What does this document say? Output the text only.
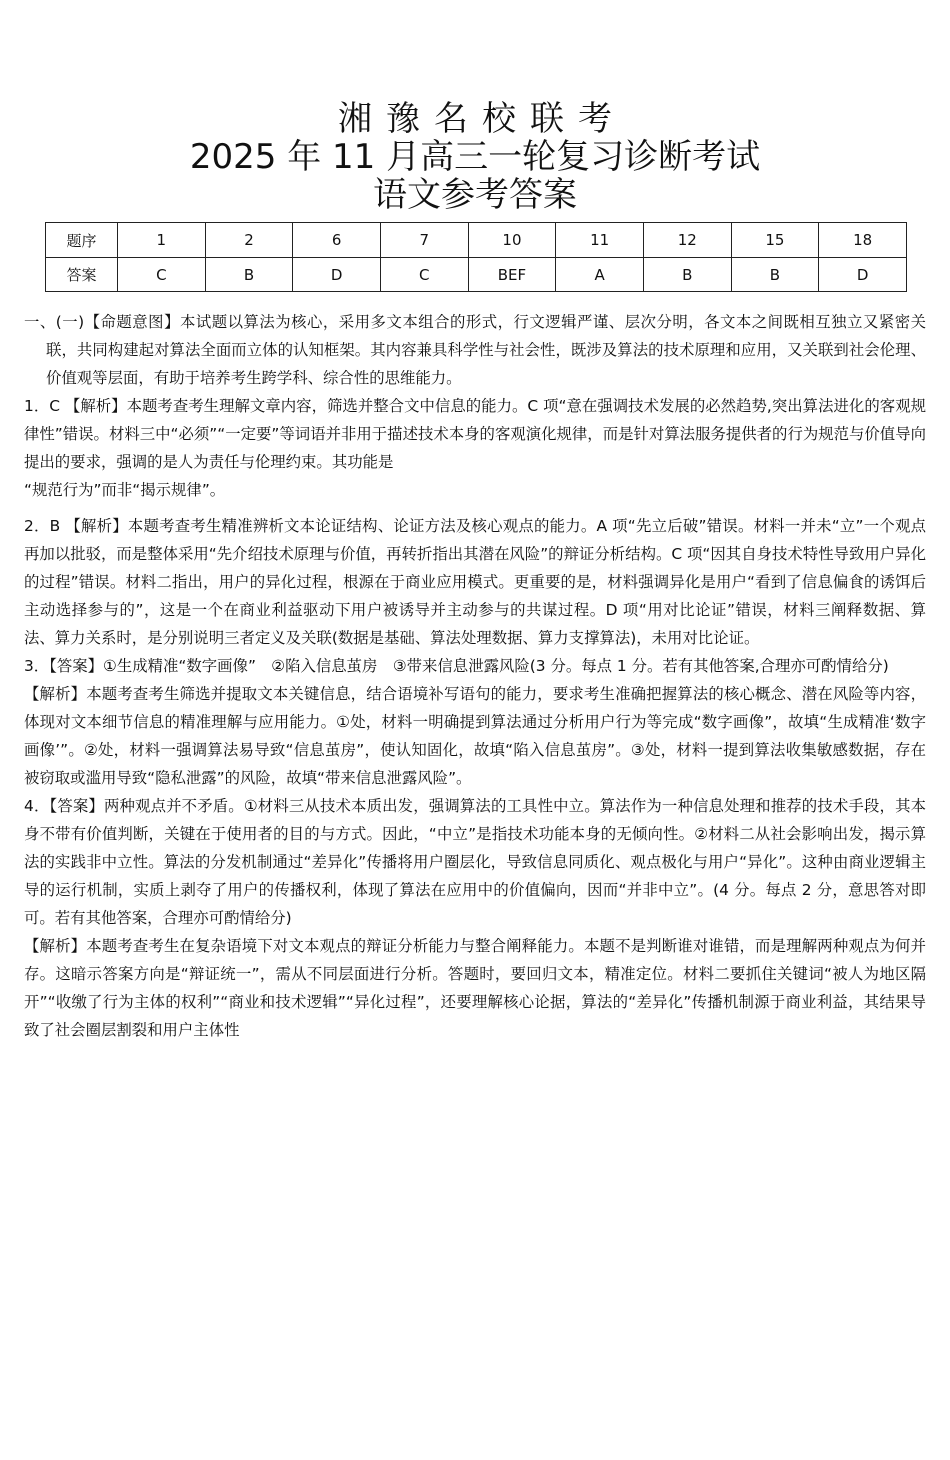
湘豫名校联考
2025 年 11 月高三一轮复习诊断考试
语文参考答案
题序	1	2	6	7	10	11	12	15	18
答案	C	B	D	C	BEF	A	B	B	D

一、(一)【命题意图】本试题以算法为核心，采用多文本组合的形式，行文逻辑严谨、层次分明，各文本之间既相互独立又紧密关联，共同构建起对算法全面而立体的认知框架。其内容兼具科学性与社会性，既涉及算法的技术原理和应用，又关联到社会伦理、价值观等层面，有助于培养考生跨学科、综合性的思维能力。

1．C 【解析】本题考查考生理解文章内容，筛选并整合文中信息的能力。C 项“意在强调技术发展的必然趋势,突出算法进化的客观规律性”错误。材料三中“必须”“一定要”等词语并非用于描述技术本身的客观演化规律，而是针对算法服务提供者的行为规范与价值导向提出的要求，强调的是人为责任与伦理约束。其功能是

“规范行为”而非“揭示规律”。

2．B 【解析】本题考查考生精准辨析文本论证结构、论证方法及核心观点的能力。A 项“先立后破”错误。材料一并未“立”一个观点再加以批驳，而是整体采用“先介绍技术原理与价值，再转折指出其潜在风险”的辩证分析结构。C 项“因其自身技术特性导致用户异化的过程”错误。材料二指出，用户的异化过程，根源在于商业应用模式。更重要的是，材料强调异化是用户“看到了信息偏食的诱饵后主动选择参与的”，这是一个在商业利益驱动下用户被诱导并主动参与的共谋过程。D 项“用对比论证”错误，材料三阐释数据、算法、算力关系时，是分别说明三者定义及关联(数据是基础、算法处理数据、算力支撑算法)，未用对比论证。

3．【答案】①生成精准“数字画像”　②陷入信息茧房　③带来信息泄露风险(3 分。每点 1 分。若有其他答案,合理亦可酌情给分)

【解析】本题考查考生筛选并提取文本关键信息，结合语境补写语句的能力，要求考生准确把握算法的核心概念、潜在风险等内容，体现对文本细节信息的精准理解与应用能力。①处，材料一明确提到算法通过分析用户行为等完成“数字画像”，故填“生成精准‘数字画像’”。②处，材料一强调算法易导致“信息茧房”，使认知固化，故填“陷入信息茧房”。③处，材料一提到算法收集敏感数据，存在被窃取或滥用导致“隐私泄露”的风险，故填“带来信息泄露风险”。

4．【答案】两种观点并不矛盾。①材料三从技术本质出发，强调算法的工具性中立。算法作为一种信息处理和推荐的技术手段，其本身不带有价值判断，关键在于使用者的目的与方式。因此，“中立”是指技术功能本身的无倾向性。②材料二从社会影响出发，揭示算法的实践非中立性。算法的分发机制通过“差异化”传播将用户圈层化，导致信息同质化、观点极化与用户“异化”。这种由商业逻辑主导的运行机制，实质上剥夺了用户的传播权利，体现了算法在应用中的价值偏向，因而“并非中立”。(4 分。每点 2 分，意思答对即可。若有其他答案，合理亦可酌情给分)

【解析】本题考查考生在复杂语境下对文本观点的辩证分析能力与整合阐释能力。本题不是判断谁对谁错，而是理解两种观点为何并存。这暗示答案方向是“辩证统一”，需从不同层面进行分析。答题时，要回归文本，精准定位。材料二要抓住关键词“被人为地区隔开”“收缴了行为主体的权利”“商业和技术逻辑”“异化过程”，还要理解核心论据，算法的“差异化”传播机制源于商业利益，其结果导致了社会圈层割裂和用户主体性
